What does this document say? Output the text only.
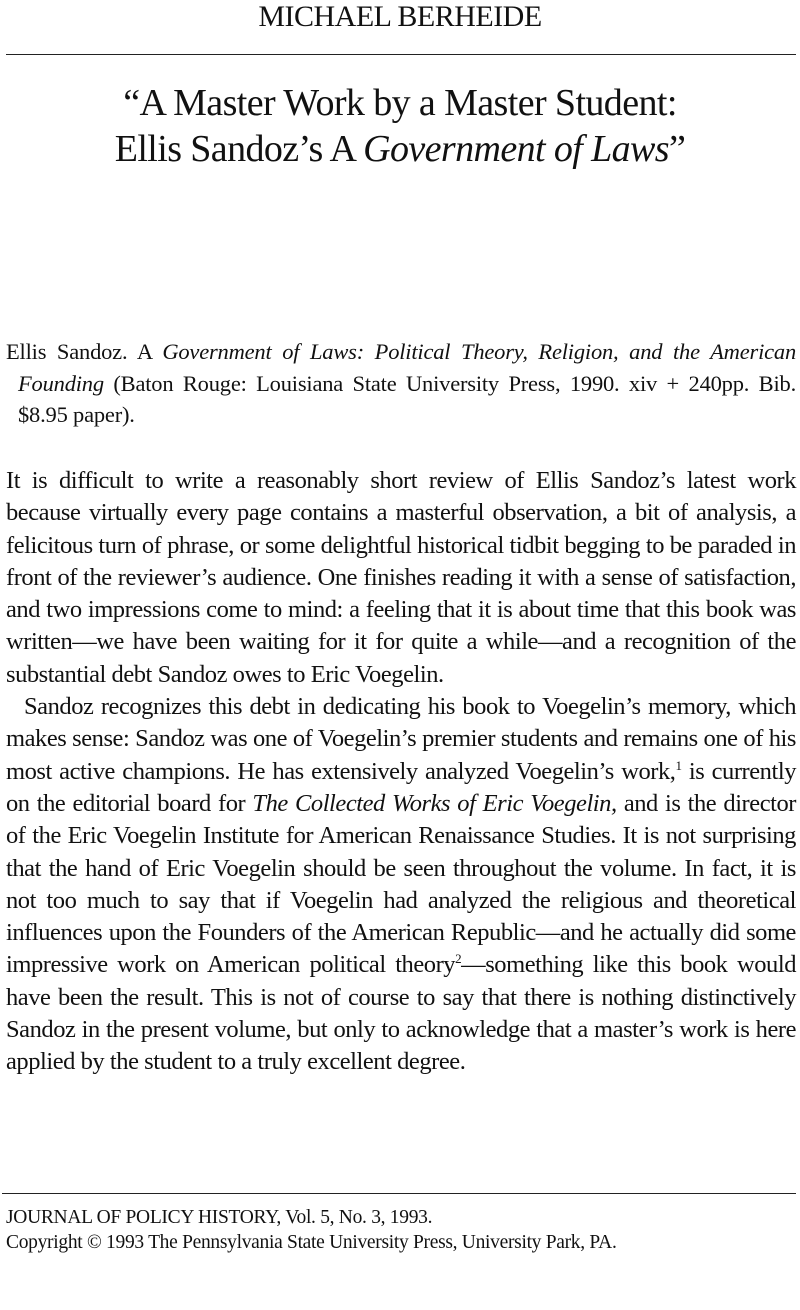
MICHAEL BERHEIDE
“A Master Work by a Master Student:
Ellis Sandoz’s A Government of Laws”
Ellis Sandoz. A Government of Laws: Political Theory, Religion, and the American Founding (Baton Rouge: Louisiana State University Press, 1990. xiv + 240pp. Bib. $8.95 paper).

It is difficult to write a reasonably short review of Ellis Sandoz’s latest work because virtually every page contains a masterful observation, a bit of analysis, a felicitous turn of phrase, or some delightful historical tidbit begging to be paraded in front of the reviewer’s audience. One finishes reading it with a sense of satisfaction, and two impressions come to mind: a feeling that it is about time that this book was written—we have been waiting for it for quite a while—and a recognition of the substantial debt Sandoz owes to Eric Voegelin.

Sandoz recognizes this debt in dedicating his book to Voegelin’s memory, which makes sense: Sandoz was one of Voegelin’s premier students and remains one of his most active champions. He has extensively analyzed Voegelin’s work,$^1$ is currently on the editorial board for The Collected Works of Eric Voegelin, and is the director of the Eric Voegelin Institute for American Renaissance Studies. It is not surprising that the hand of Eric Voegelin should be seen throughout the volume. In fact, it is not too much to say that if Voegelin had analyzed the religious and theoretical influences upon the Founders of the American Republic—and he actually did some impressive work on American political theory$^2$—something like this book would have been the result. This is not of course to say that there is nothing distinctively Sandoz in the present volume, but only to acknowledge that a master’s work is here applied by the student to a truly excellent degree.

JOURNAL OF POLICY HISTORY, Vol. 5, No. 3, 1993.
Copyright © 1993 The Pennsylvania State University Press, University Park, PA.
